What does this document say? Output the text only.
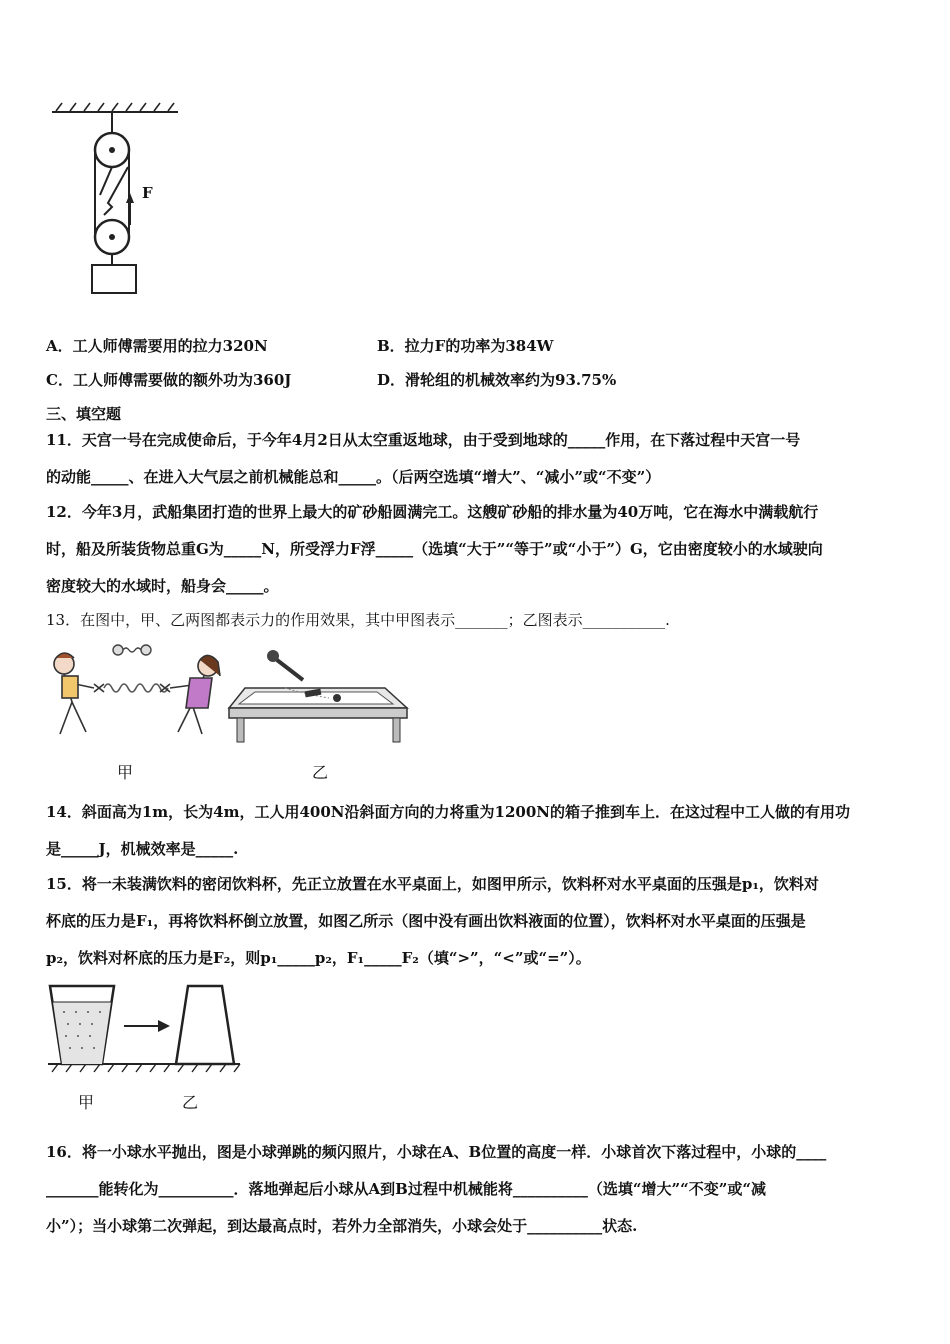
F
A．工人师傅需要用的拉力320N	B．拉力F的功率为384W
C．工人师傅需要做的额外功为360J	D．滑轮组的机械效率约为93.75%
三、填空题
11．天宫一号在完成使命后，于今年4月2日从太空重返地球，由于受到地球的_____作用，在下落过程中天宫一号
的动能_____、在进入大气层之前机械能总和_____。（后两空选填“增大”、“减小”或“不变”）
12．今年3月，武船集团打造的世界上最大的矿砂船圆满完工。这艘矿砂船的排水量为40万吨，它在海水中满载航行
时，船及所装货物总重G为_____N，所受浮力F浮_____（选填“大于”“等于”或“小于”）G，它由密度较小的水域驶向
密度较大的水域时，船身会_____。
13．在图中，甲、乙两图都表示力的作用效果，其中甲图表示_______；乙图表示___________.
甲	乙
14．斜面高为1m，长为4m，工人用400N沿斜面方向的力将重为1200N的箱子推到车上．在这过程中工人做的有用功
是_____J，机械效率是_____.
15．将一未装满饮料的密闭饮料杯，先正立放置在水平桌面上，如图甲所示，饮料杯对水平桌面的压强是p₁，饮料对
杯底的压力是F₁，再将饮料杯倒立放置，如图乙所示（图中没有画出饮料液面的位置），饮料杯对水平桌面的压强是
p₂，饮料对杯底的压力是F₂，则p₁_____p₂，F₁_____F₂（填“>”，“<”或“=”）。
甲	乙
16．将一小球水平抛出，图是小球弹跳的频闪照片，小球在A、B位置的高度一样．小球首次下落过程中，小球的____
_______能转化为__________．落地弹起后小球从A到B过程中机械能将__________（选填“增大”“不变”或“减
小”）；当小球第二次弹起，到达最高点时，若外力全部消失，小球会处于__________状态.
